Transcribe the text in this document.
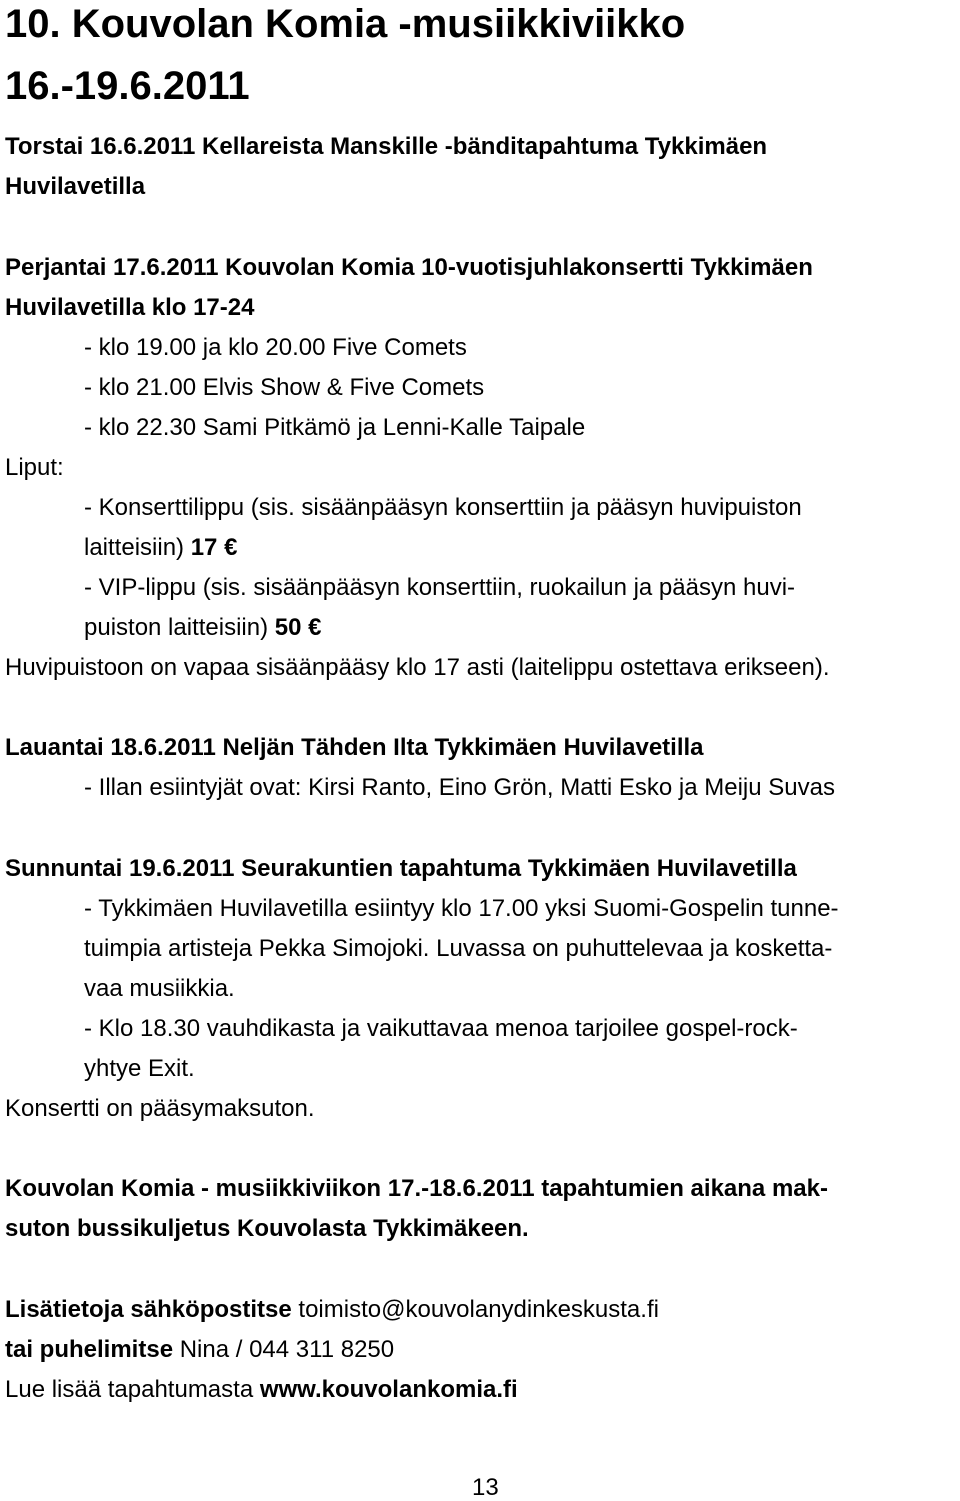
10. Kouvolan Komia -musiikkiviikko
16.-19.6.2011
Torstai 16.6.2011 Kellareista Manskille -bänditapahtuma Tykkimäen
Huvilavetilla
Perjantai 17.6.2011 Kouvolan Komia 10-vuotisjuhlakonsertti Tykkimäen
Huvilavetilla klo 17-24
- klo 19.00 ja klo 20.00 Five Comets
- klo 21.00 Elvis Show & Five Comets
- klo 22.30 Sami Pitkämö ja Lenni-Kalle Taipale
Liput:
- Konserttilippu (sis. sisäänpääsyn konserttiin ja pääsyn huvipuiston
laitteisiin) 17 €
- VIP-lippu (sis. sisäänpääsyn konserttiin, ruokailun ja pääsyn huvi-
puiston laitteisiin) 50 €
Huvipuistoon on vapaa sisäänpääsy klo 17 asti (laitelippu ostettava erikseen).
Lauantai 18.6.2011 Neljän Tähden Ilta Tykkimäen Huvilavetilla
- Illan esiintyjät ovat: Kirsi Ranto, Eino Grön, Matti Esko ja Meiju Suvas
Sunnuntai 19.6.2011 Seurakuntien tapahtuma Tykkimäen Huvilavetilla
- Tykkimäen Huvilavetilla esiintyy klo 17.00 yksi Suomi-Gospelin tunne-
tuimpia artisteja Pekka Simojoki. Luvassa on puhuttelevaa ja kosketta-
vaa musiikkia.
- Klo 18.30 vauhdikasta ja vaikuttavaa menoa tarjoilee gospel-rock-
yhtye Exit.
Konsertti on pääsymaksuton.
Kouvolan Komia - musiikkiviikon 17.-18.6.2011 tapahtumien aikana mak-
suton bussikuljetus Kouvolasta Tykkimäkeen.
Lisätietoja sähköpostitse toimisto@kouvolanydinkeskusta.fi
tai puhelimitse Nina / 044 311 8250
Lue lisää tapahtumasta www.kouvolankomia.fi
13
